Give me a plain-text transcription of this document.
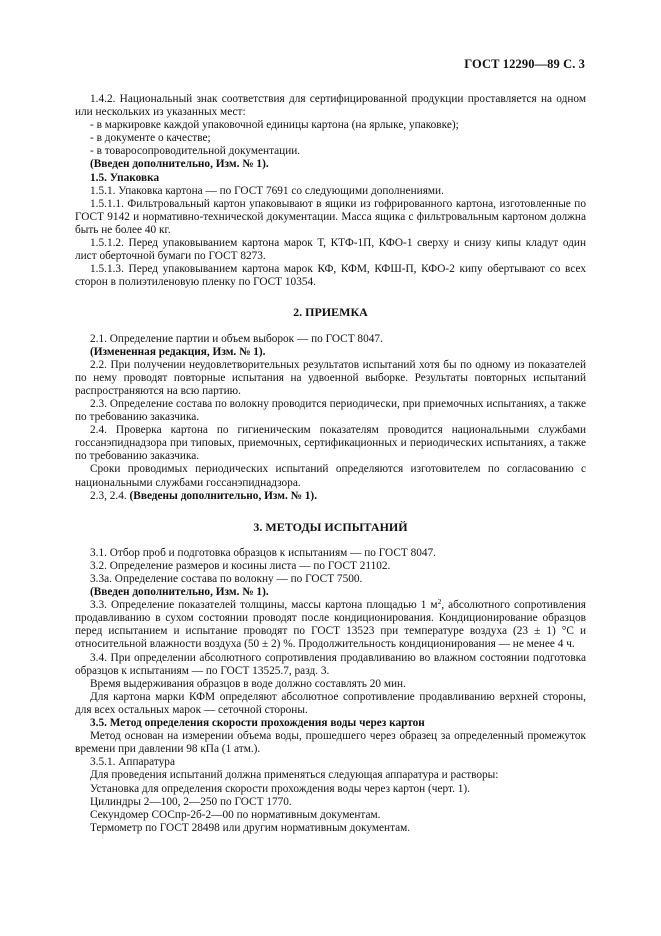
ГОСТ 12290—89 С. 3

1.4.2. Национальный знак соответствия для сертифицированной продукции проставляется на одном или нескольких из указанных мест:

- в маркировке каждой упаковочной единицы картона (на ярлыке, упаковке);

- в документе о качестве;

- в товаросопроводительной документации.

(Введен дополнительно, Изм. № 1).

1.5. Упаковка

1.5.1. Упаковка картона — по ГОСТ 7691 со следующими дополнениями.

1.5.1.1. Фильтровальный картон упаковывают в ящики из гофрированного картона, изготовленные по ГОСТ 9142 и нормативно-технической документации. Масса ящика с фильтровальным картоном должна быть не более 40 кг.

1.5.1.2. Перед упаковыванием картона марок Т, КТФ-1П, КФО-1 сверху и снизу кипы кладут один лист оберточной бумаги по ГОСТ 8273.

1.5.1.3. Перед упаковыванием картона марок КФ, КФМ, КФШ-П, КФО-2 кипу обертывают со всех сторон в полиэтиленовую пленку по ГОСТ 10354.

2. ПРИЕМКА

2.1. Определение партии и объем выборок — по ГОСТ 8047.

(Измененная редакция, Изм. № 1).

2.2. При получении неудовлетворительных результатов испытаний хотя бы по одному из показателей по нему проводят повторные испытания на удвоенной выборке. Результаты повторных испытаний распространяются на всю партию.

2.3. Определение состава по волокну проводится периодически, при приемочных испытаниях, а также по требованию заказчика.

2.4. Проверка картона по гигиеническим показателям проводится национальными службами госсанэпиднадзора при типовых, приемочных, сертификационных и периодических испытаниях, а также по требованию заказчика.

Сроки проводимых периодических испытаний определяются изготовителем по согласованию с национальными службами госсанэпиднадзора.

2.3, 2.4. (Введены дополнительно, Изм. № 1).

3. МЕТОДЫ ИСПЫТАНИЙ

3.1. Отбор проб и подготовка образцов к испытаниям — по ГОСТ 8047.

3.2. Определение размеров и косины листа — по ГОСТ 21102.

3.3а. Определение состава по волокну — по ГОСТ 7500.

(Введен дополнительно, Изм. № 1).

3.3. Определение показателей толщины, массы картона площадью 1 $м^2$, абсолютного сопротивления продавливанию в сухом состоянии проводят после кондиционирования. Кондиционирование образцов перед испытанием и испытание проводят по ГОСТ 13523 при температуре воздуха (23 ± 1) °С и относительной влажности воздуха (50 ± 2) %. Продолжительность кондиционирования — не менее 4 ч.

3.4. При определении абсолютного сопротивления продавливанию во влажном состоянии подготовка образцов к испытаниям — по ГОСТ 13525.7, разд. 3.

Время выдерживания образцов в воде должно составлять 20 мин.

Для картона марки КФМ определяют абсолютное сопротивление продавливанию верхней стороны, для всех остальных марок — сеточной стороны.

3.5. Метод определения скорости прохождения воды через картон

Метод основан на измерении объема воды, прошедшего через образец за определенный промежуток времени при давлении 98 кПа (1 атм.).

3.5.1. Аппаратура

Для проведения испытаний должна применяться следующая аппаратура и растворы:

Установка для определения скорости прохождения воды через картон (черт. 1).

Цилиндры 2—100, 2—250 по ГОСТ 1770.

Секундомер СОСпр-2б-2—00 по нормативным документам.

Термометр по ГОСТ 28498 или другим нормативным документам.
